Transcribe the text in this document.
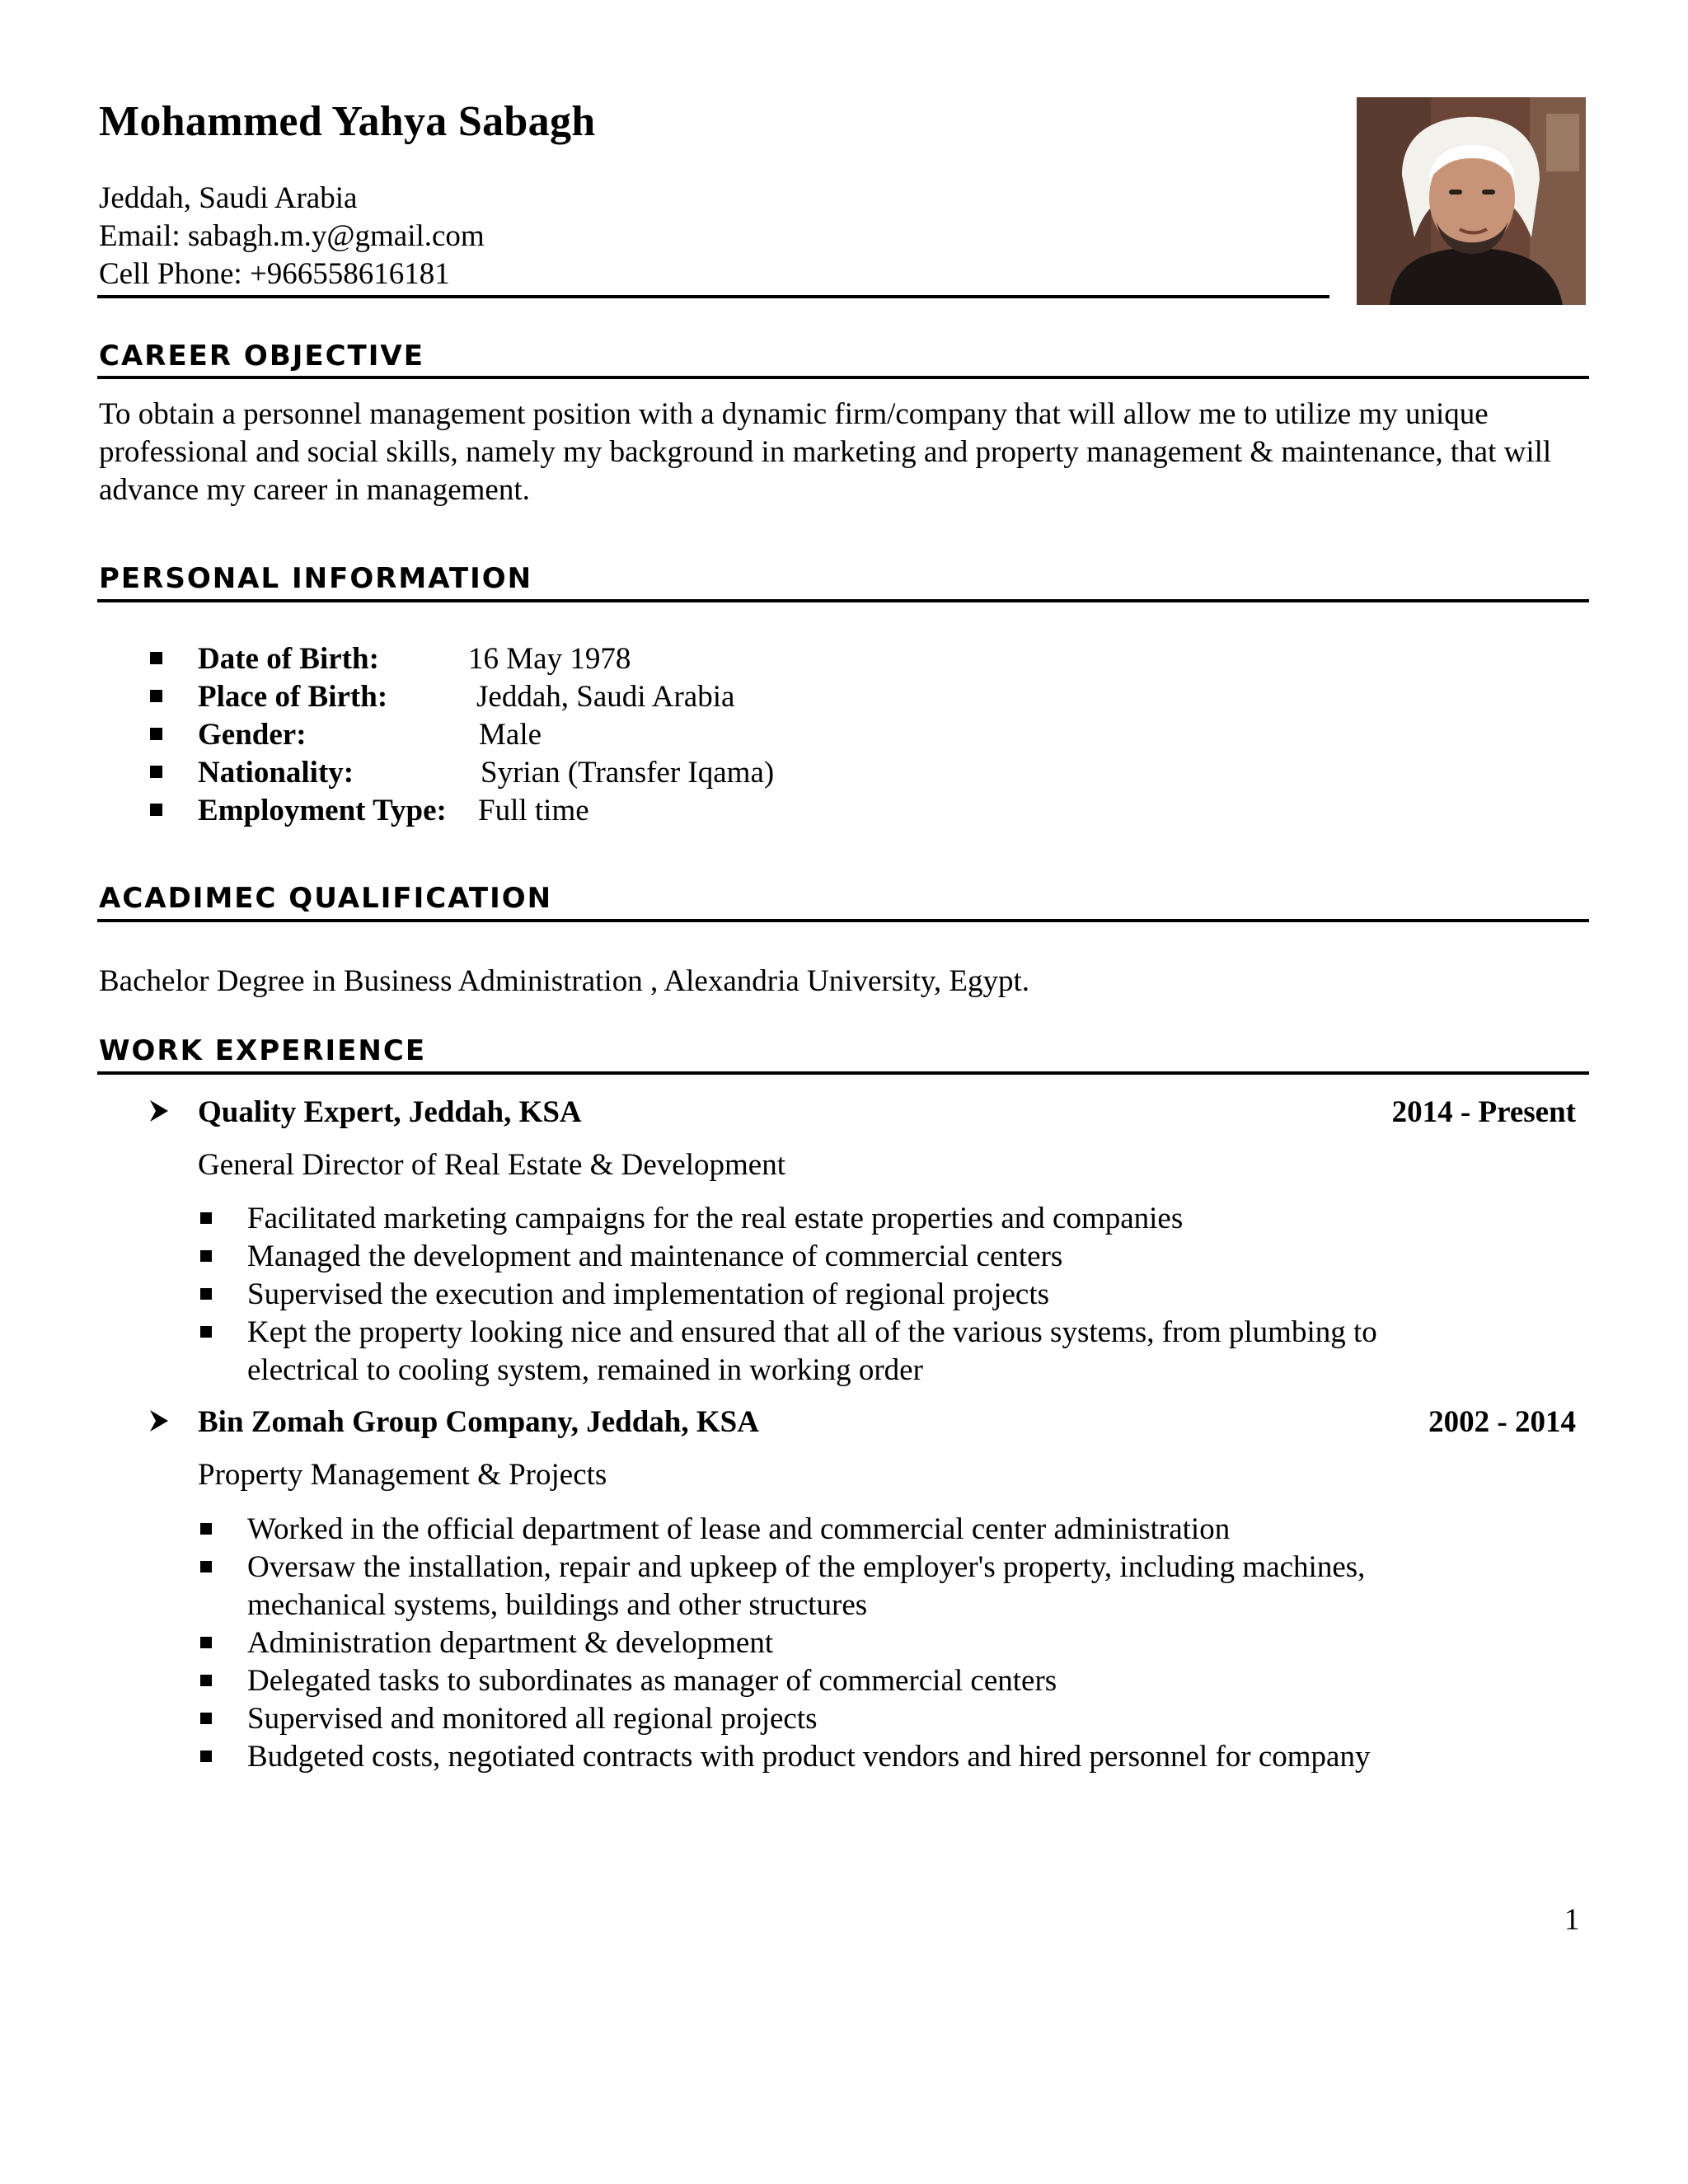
Mohammed Yahya Sabagh
Jeddah, Saudi Arabia
Email: sabagh.m.y@gmail.com
Cell Phone: +966558616181
CAREER OBJECTIVE
To obtain a personnel management position with a dynamic firm/company that will allow me to utilize my unique professional and social skills, namely my background in marketing and property management & maintenance, that will advance my career in management.
PERSONAL INFORMATION
Date of Birth:	16 May 1978
Place of Birth:	Jeddah, Saudi Arabia
Gender:	Male
Nationality:	Syrian (Transfer Iqama)
Employment Type: Full time
ACADIMEC QUALIFICATION
Bachelor Degree in Business Administration , Alexandria University, Egypt.
WORK EXPERIENCE
Quality Expert, Jeddah, KSA	2014 - Present
General Director of Real Estate & Development
Facilitated marketing campaigns for the real estate properties and companies
Managed the development and maintenance of commercial centers
Supervised the execution and implementation of regional projects
Kept the property looking nice and ensured that all of the various systems, from plumbing to electrical to cooling system, remained in working order
Bin Zomah Group Company, Jeddah, KSA	2002 - 2014
Property Management & Projects
Worked in the official department of lease and commercial center administration
Oversaw the installation, repair and upkeep of the employer's property, including machines, mechanical systems, buildings and other structures
Administration department & development
Delegated tasks to subordinates as manager of commercial centers
Supervised and monitored all regional projects
Budgeted costs, negotiated contracts with product vendors and hired personnel for company
1
